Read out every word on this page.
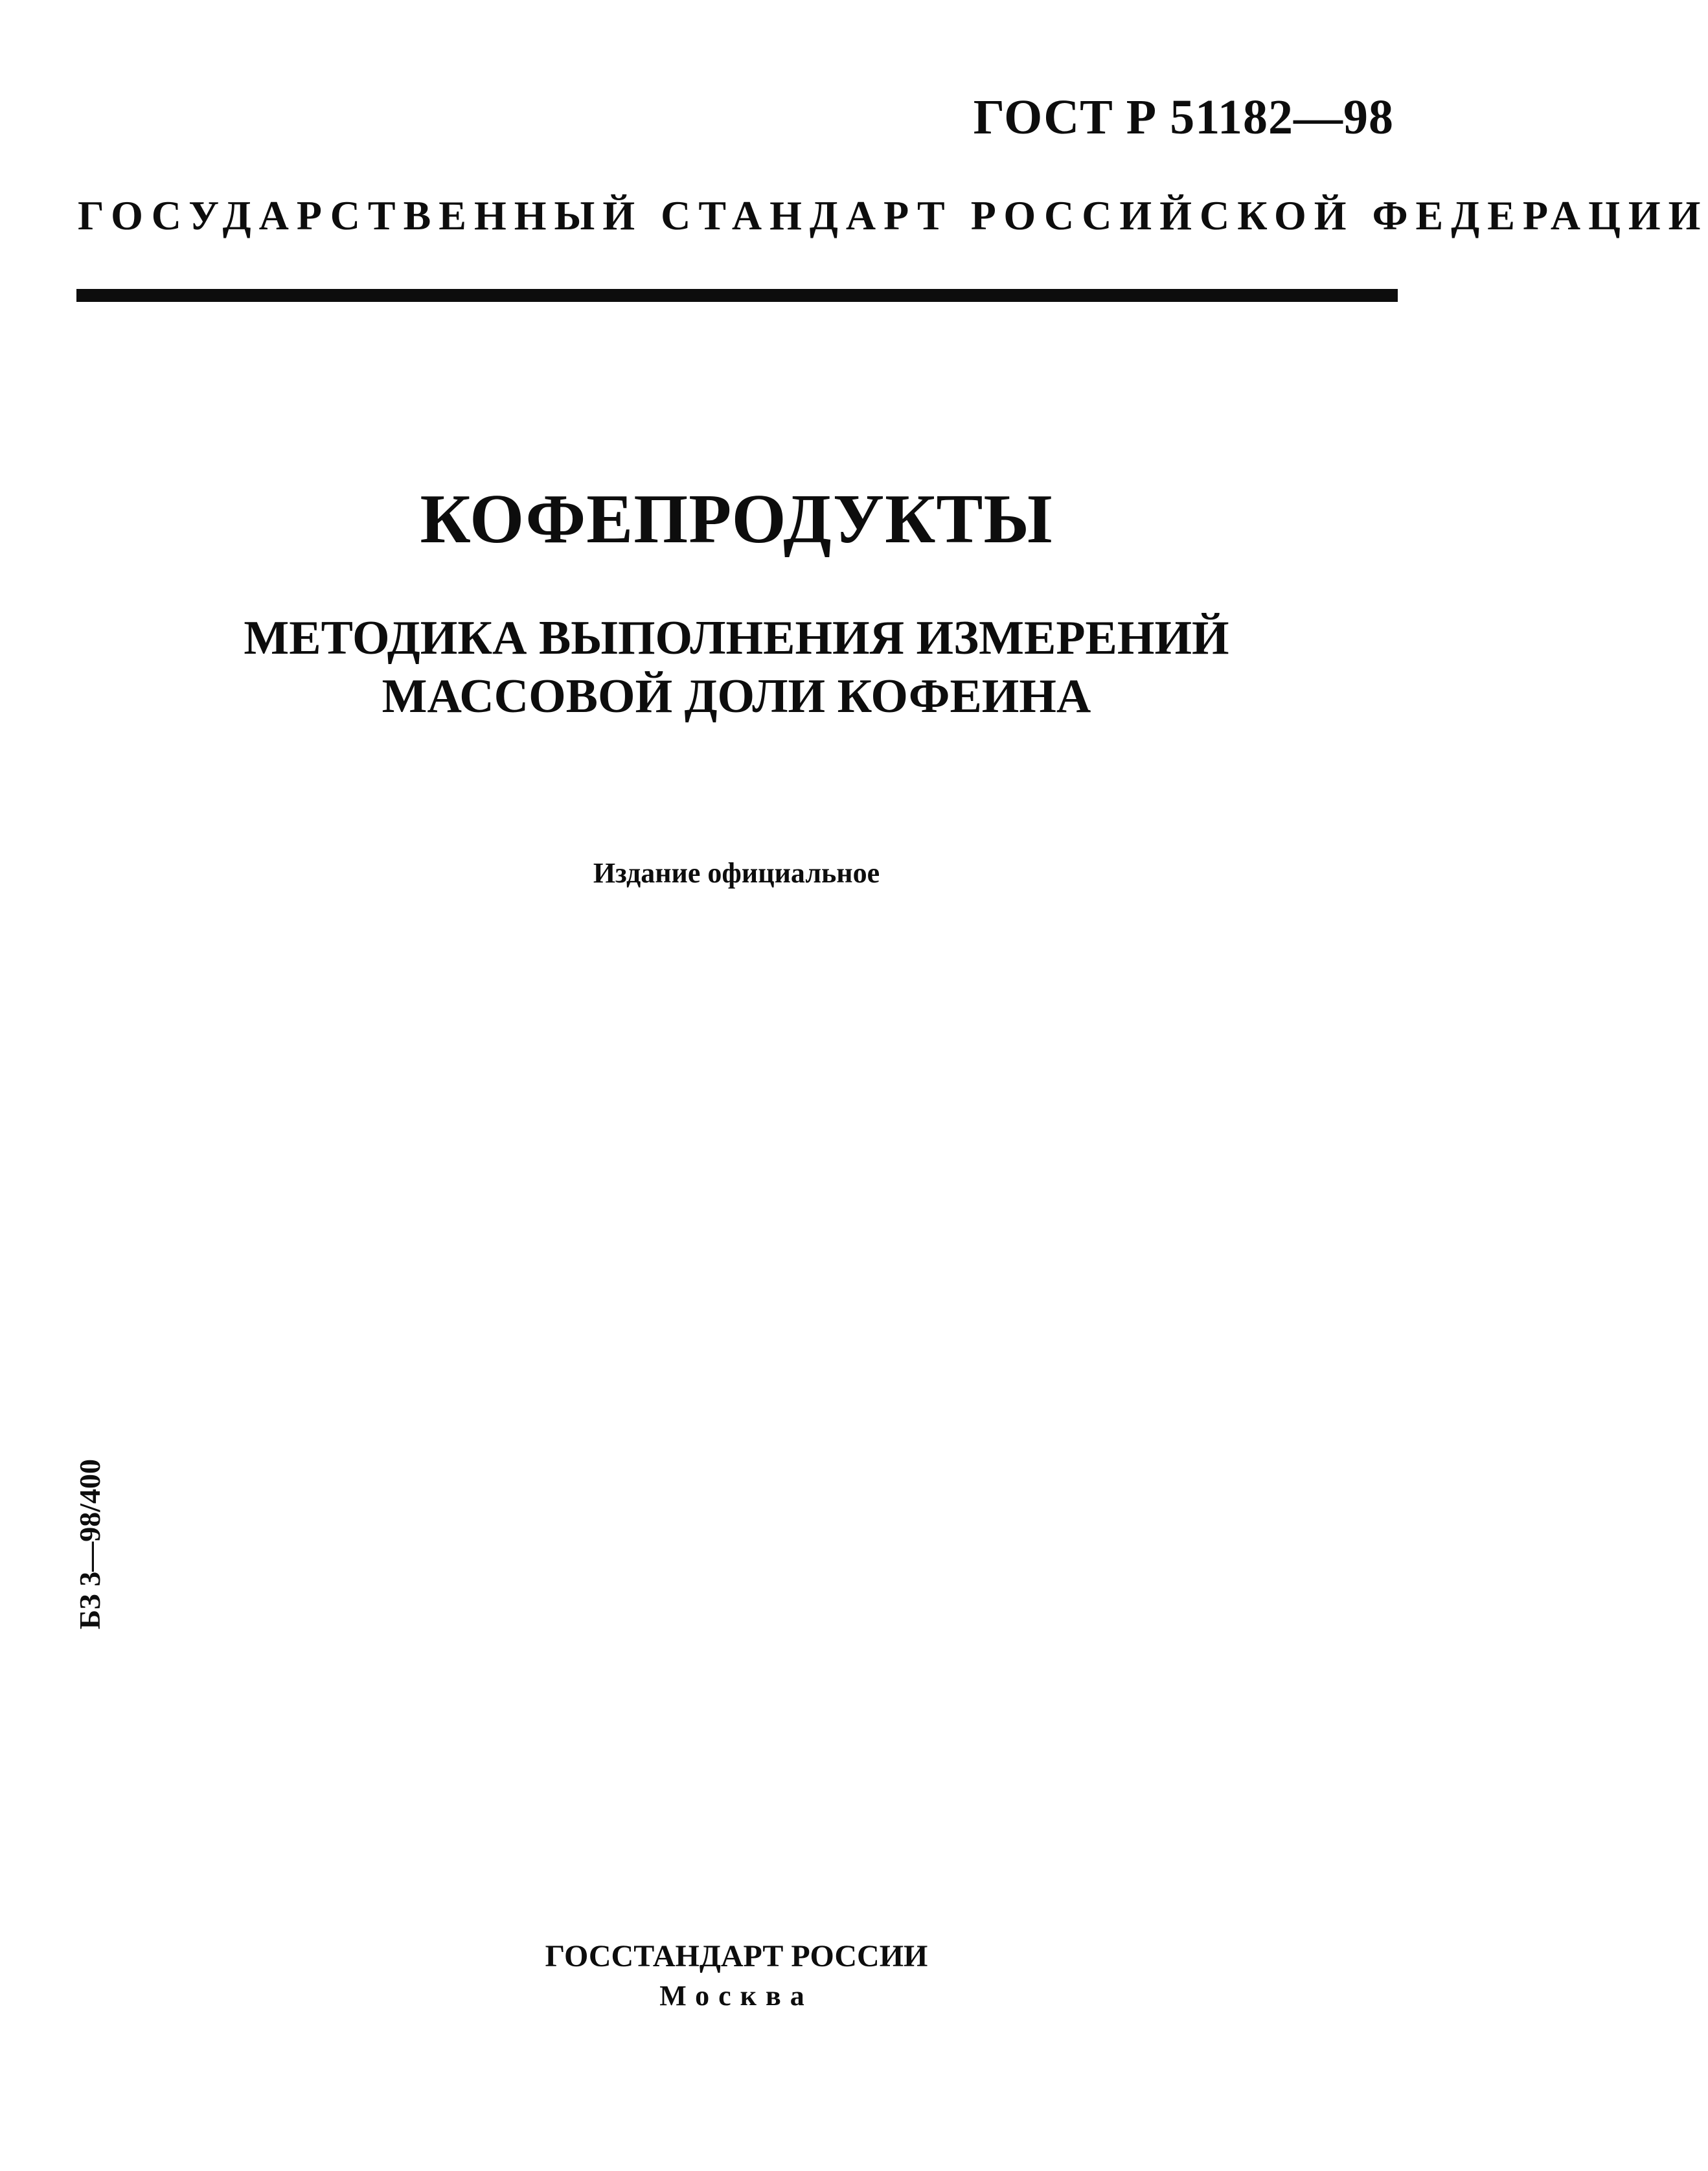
ГОСТ Р 51182—98
ГОСУДАРСТВЕННЫЙ СТАНДАРТ РОССИЙСКОЙ ФЕДЕРАЦИИ
КОФЕПРОДУКТЫ
МЕТОДИКА ВЫПОЛНЕНИЯ ИЗМЕРЕНИЙ
МАССОВОЙ ДОЛИ КОФЕИНА
Издание официальное
БЗ 3—98/400
ГОССТАНДАРТ РОССИИ
Москва
